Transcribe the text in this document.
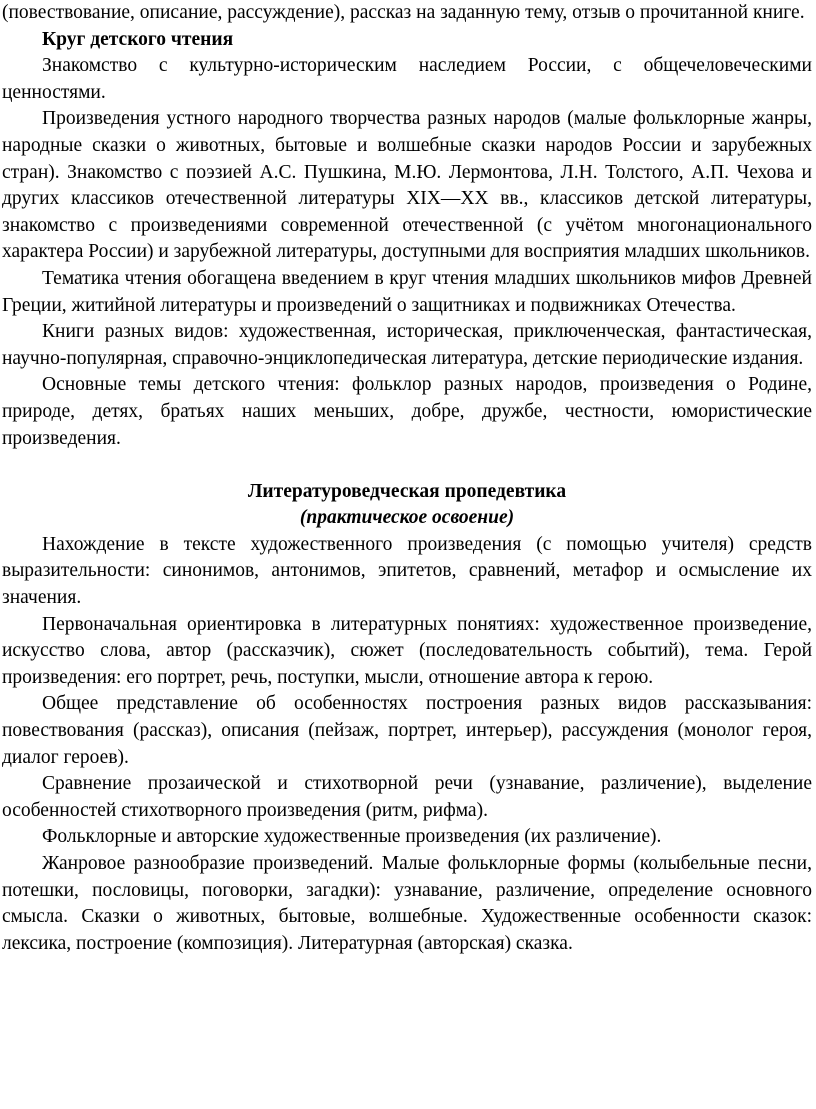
(повествование, описание, рассуждение), рассказ на заданную тему, отзыв о прочитанной книге.

Круг детского чтения

Знакомство с культурно-историческим наследием России, с общечеловеческими ценностями.

Произведения устного народного творчества разных народов (малые фольклорные жанры, народные сказки о животных, бытовые и волшебные сказки народов России и зарубежных стран). Знакомство с поэзией А.С. Пушкина, М.Ю. Лермонтова, Л.Н. Толстого, А.П. Чехова и других классиков отечественной литературы XIX—XX вв., классиков детской литературы, знакомство с произведениями современной отечественной (с учётом многонационального характера России) и зарубежной литературы, доступными для восприятия младших школьников.

Тематика чтения обогащена введением в круг чтения младших школьников мифов Древней Греции, житийной литературы и произведений о защитниках и подвижниках Отечества.

Книги разных видов: художественная, историческая, приключенческая, фантастическая, научно-популярная, справочно-энциклопедическая литература, детские периодические издания.

Основные темы детского чтения: фольклор разных народов, произведения о Родине, природе, детях, братьях наших меньших, добре, дружбе, честности, юмористические произведения.

Литературоведческая пропедевтика

(практическое освоение)

Нахождение в тексте художественного произведения (с помощью учителя) средств выразительности: синонимов, антонимов, эпитетов, сравнений, метафор и осмысление их значения.

Первоначальная ориентировка в литературных понятиях: художественное произведение, искусство слова, автор (рассказчик), сюжет (последовательность событий), тема. Герой произведения: его портрет, речь, поступки, мысли, отношение автора к герою.

Общее представление об особенностях построения разных видов рассказывания: повествования (рассказ), описания (пейзаж, портрет, интерьер), рассуждения (монолог героя, диалог героев).

Сравнение прозаической и стихотворной речи (узнавание, различение), выделение особенностей стихотворного произведения (ритм, рифма).

Фольклорные и авторские художественные произведения (их различение).

Жанровое разнообразие произведений. Малые фольклорные формы (колыбельные песни, потешки, пословицы, поговорки, загадки): узнавание, различение, определение основного смысла. Сказки о животных, бытовые, волшебные. Художественные особенности сказок: лексика, построение (композиция). Литературная (авторская) сказка.
